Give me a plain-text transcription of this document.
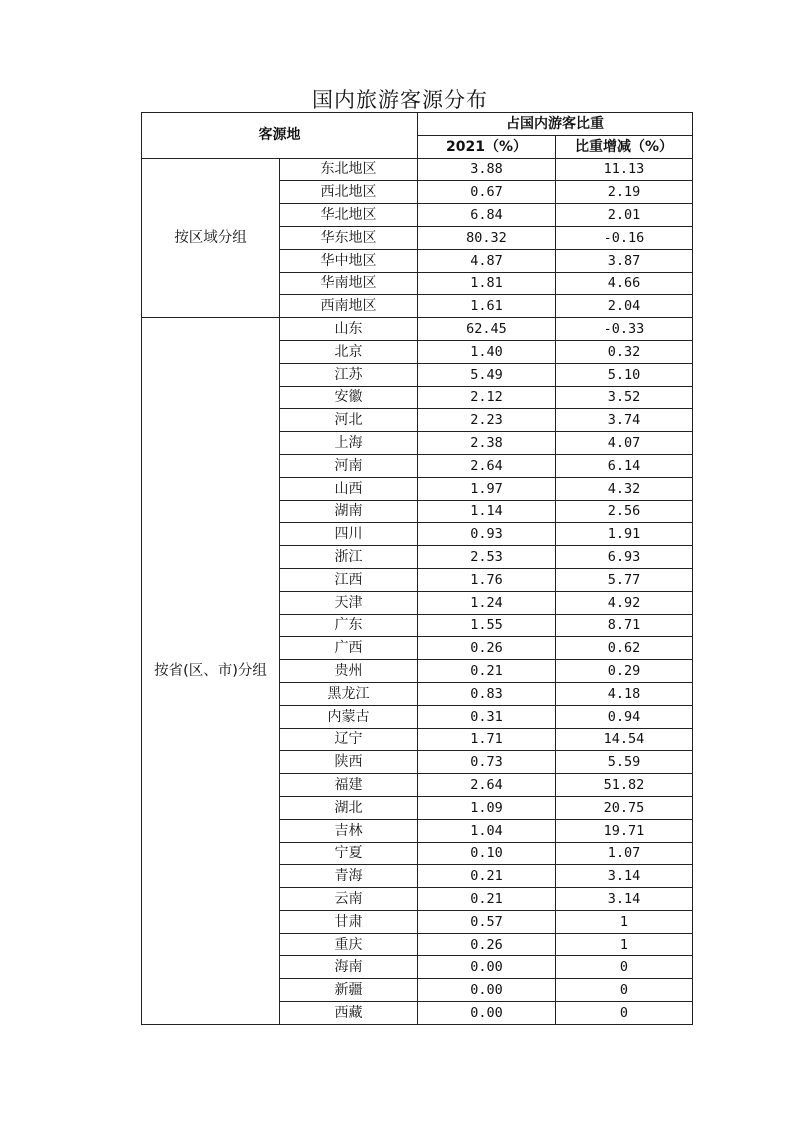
国内旅游客源分布
客源地		占国内游客比重	
		2021（%）	比重增减（%）
按区域分组	东北地区	3.88	11.13
	西北地区	0.67	2.19
	华北地区	6.84	2.01
	华东地区	80.32	-0.16
	华中地区	4.87	3.87
	华南地区	1.81	4.66
	西南地区	1.61	2.04
按省(区、市)分组	山东	62.45	-0.33
	北京	1.40	0.32
	江苏	5.49	5.10
	安徽	2.12	3.52
	河北	2.23	3.74
	上海	2.38	4.07
	河南	2.64	6.14
	山西	1.97	4.32
	湖南	1.14	2.56
	四川	0.93	1.91
	浙江	2.53	6.93
	江西	1.76	5.77
	天津	1.24	4.92
	广东	1.55	8.71
	广西	0.26	0.62
	贵州	0.21	0.29
	黑龙江	0.83	4.18
	内蒙古	0.31	0.94
	辽宁	1.71	14.54
	陕西	0.73	5.59
	福建	2.64	51.82
	湖北	1.09	20.75
	吉林	1.04	19.71
	宁夏	0.10	1.07
	青海	0.21	3.14
	云南	0.21	3.14
	甘肃	0.57	1
	重庆	0.26	1
	海南	0.00	0
	新疆	0.00	0
	西藏	0.00	0
